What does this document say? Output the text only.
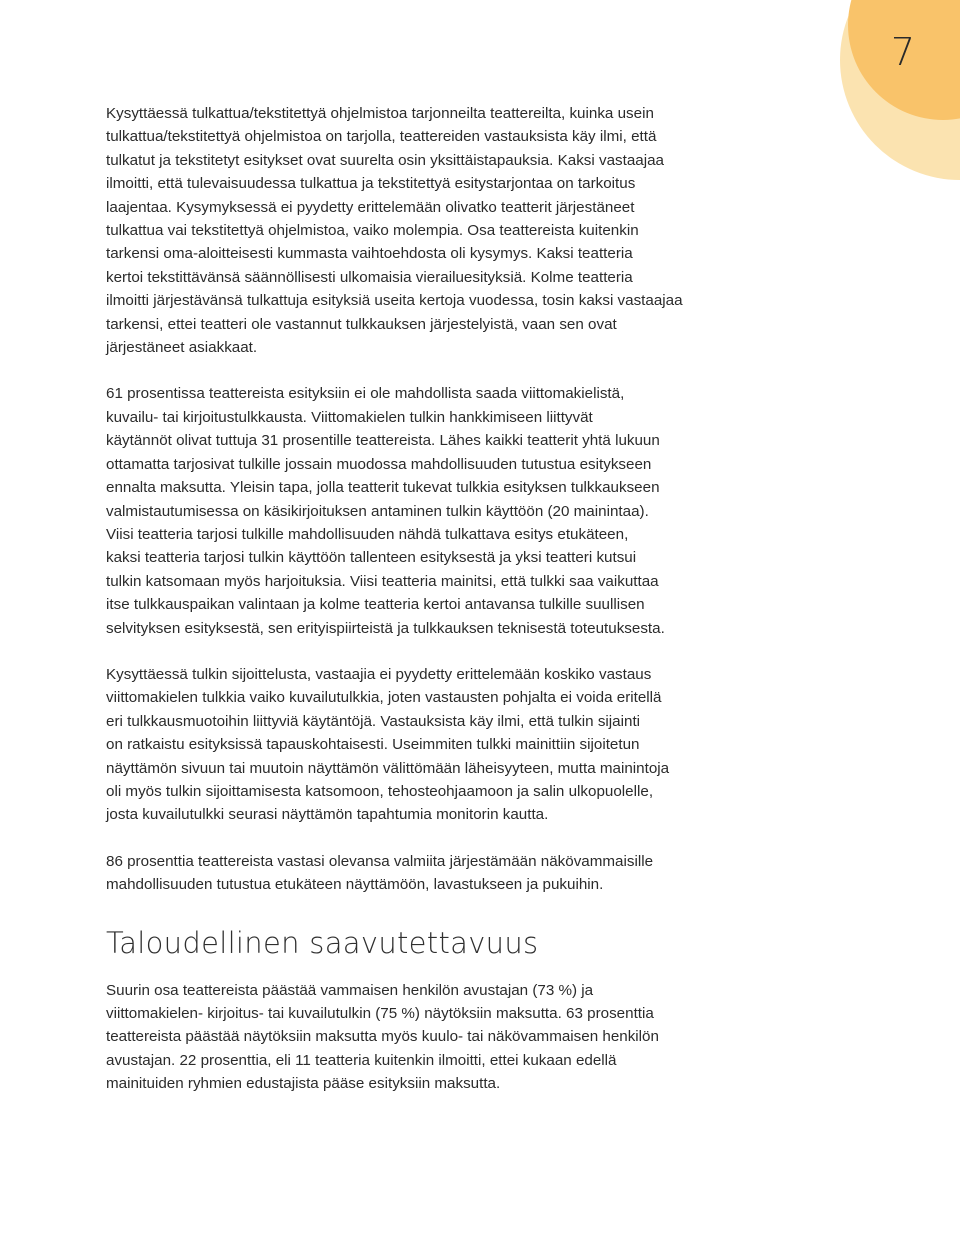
7

Kysyttäessä tulkattua/tekstitettyä ohjelmistoa tarjonneilta teattereilta, kuinka usein
tulkattua/tekstitettyä ohjelmistoa on tarjolla, teattereiden vastauksista käy ilmi, että
tulkatut ja tekstitetyt esitykset ovat suurelta osin yksittäistapauksia. Kaksi vastaajaa
ilmoitti, että tulevaisuudessa tulkattua ja tekstitettyä esitystarjontaa on tarkoitus
laajentaa. Kysymyksessä ei pyydetty erittelemään olivatko teatterit järjestäneet
tulkattua vai tekstitettyä ohjelmistoa, vaiko molempia. Osa teattereista kuitenkin
tarkensi oma-aloitteisesti kummasta vaihtoehdosta oli kysymys. Kaksi teatteria
kertoi tekstittävänsä säännöllisesti ulkomaisia vierailuesityksiä. Kolme teatteria
ilmoitti järjestävänsä tulkattuja esityksiä useita kertoja vuodessa, tosin kaksi vastaajaa
tarkensi, ettei teatteri ole vastannut tulkkauksen järjestelyistä, vaan sen ovat
järjestäneet asiakkaat.

61 prosentissa teattereista esityksiin ei ole mahdollista saada viittomakielistä,
kuvailu- tai kirjoitustulkkausta. Viittomakielen tulkin hankkimiseen liittyvät
käytännöt olivat tuttuja 31 prosentille teattereista. Lähes kaikki teatterit yhtä lukuun
ottamatta tarjosivat tulkille jossain muodossa mahdollisuuden tutustua esitykseen
ennalta maksutta. Yleisin tapa, jolla teatterit tukevat tulkkia esityksen tulkkaukseen
valmistautumisessa on käsikirjoituksen antaminen tulkin käyttöön (20 mainintaa).
Viisi teatteria tarjosi tulkille mahdollisuuden nähdä tulkattava esitys etukäteen,
kaksi teatteria tarjosi tulkin käyttöön tallenteen esityksestä ja yksi teatteri kutsui
tulkin katsomaan myös harjoituksia. Viisi teatteria mainitsi, että tulkki saa vaikuttaa
itse tulkkauspaikan valintaan ja kolme teatteria kertoi antavansa tulkille suullisen
selvityksen esityksestä, sen erityispiirteistä ja tulkkauksen teknisestä toteutuksesta.

Kysyttäessä tulkin sijoittelusta, vastaajia ei pyydetty erittelemään koskiko vastaus
viittomakielen tulkkia vaiko kuvailutulkkia, joten vastausten pohjalta ei voida eritellä
eri tulkkausmuotoihin liittyviä käytäntöjä. Vastauksista käy ilmi, että tulkin sijainti
on ratkaistu esityksissä tapauskohtaisesti. Useimmiten tulkki mainittiin sijoitetun
näyttämön sivuun tai muutoin näyttämön välittömään läheisyyteen, mutta mainintoja
oli myös tulkin sijoittamisesta katsomoon, tehosteohjaamoon ja salin ulkopuolelle,
josta kuvailutulkki seurasi näyttämön tapahtumia monitorin kautta.

86 prosenttia teattereista vastasi olevansa valmiita järjestämään näkövammaisille
mahdollisuuden tutustua etukäteen näyttämöön, lavastukseen ja pukuihin.

Taloudellinen saavutettavuus

Suurin osa teattereista päästää vammaisen henkilön avustajan (73 %) ja
viittomakielen- kirjoitus- tai kuvailutulkin (75 %) näytöksiin maksutta. 63 prosenttia
teattereista päästää näytöksiin maksutta myös kuulo- tai näkövammaisen henkilön
avustajan. 22 prosenttia, eli 11 teatteria kuitenkin ilmoitti, ettei kukaan edellä
mainituiden ryhmien edustajista pääse esityksiin maksutta.
